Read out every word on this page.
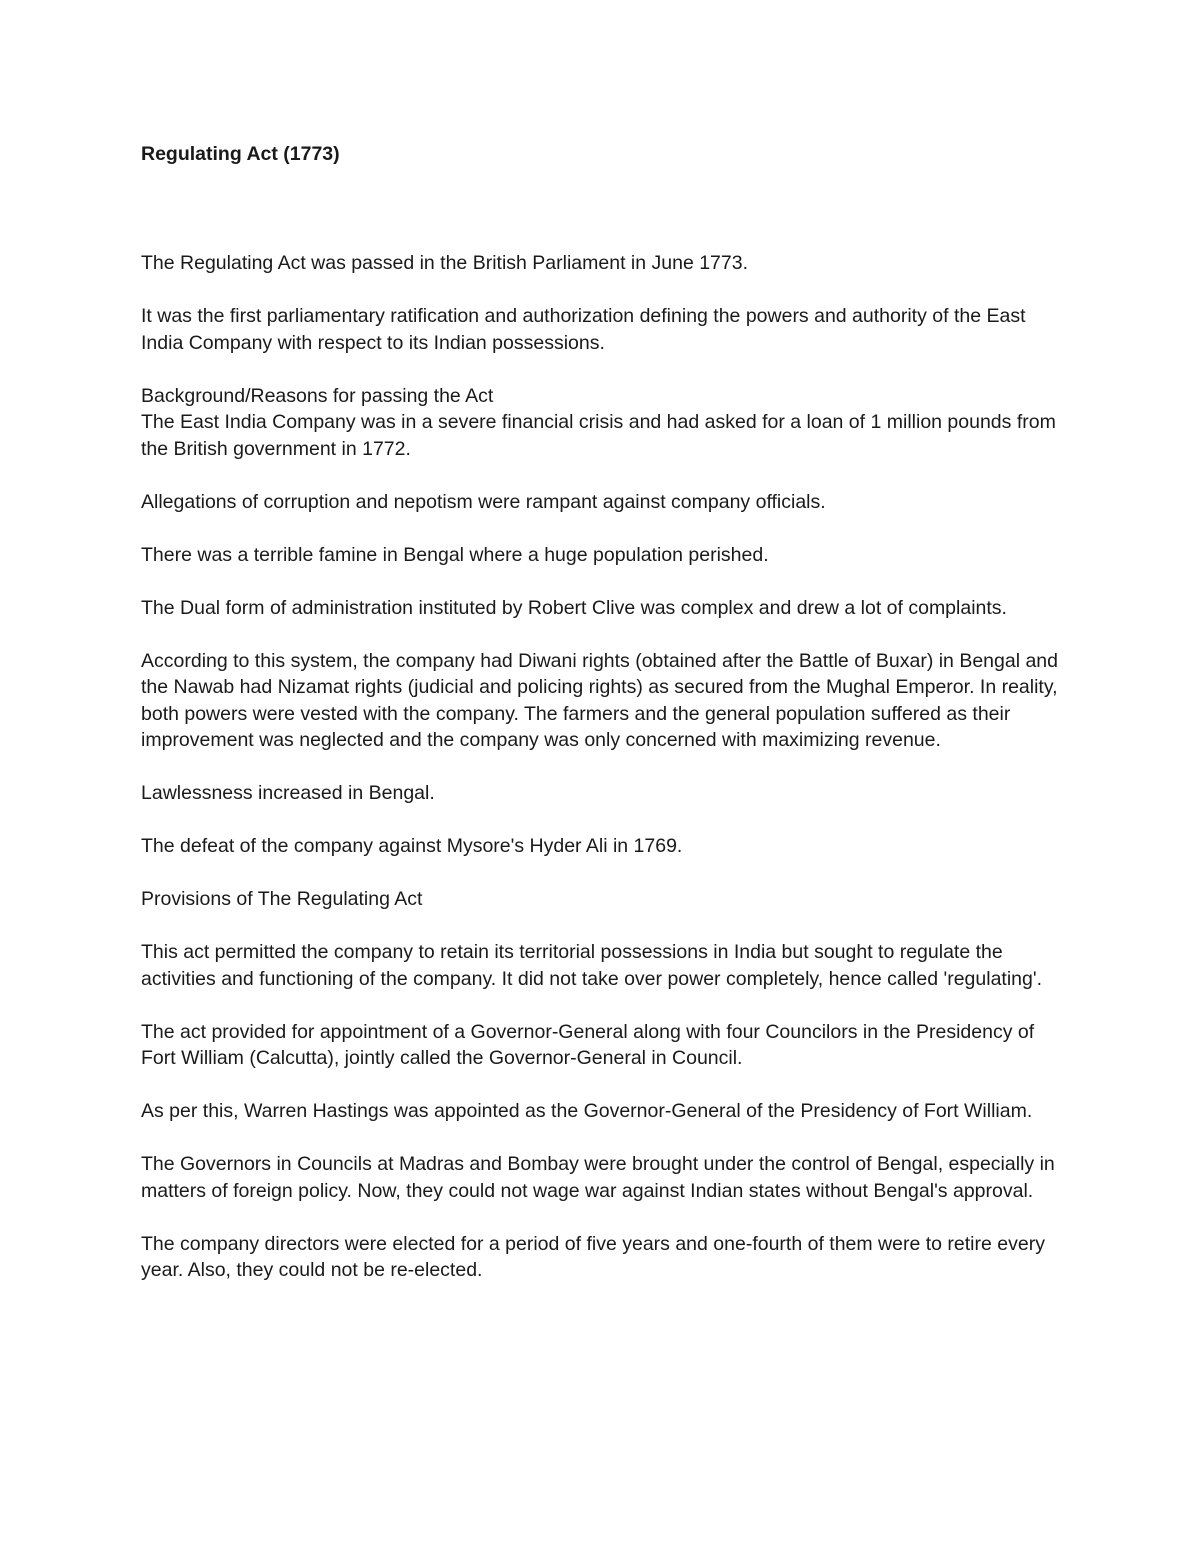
Regulating Act (1773)

The Regulating Act was passed in the British Parliament in June 1773.

It was the first parliamentary ratification and authorization defining the powers and authority of the East India Company with respect to its Indian possessions.

Background/Reasons for passing the Act
The East India Company was in a severe financial crisis and had asked for a loan of 1 million pounds from the British government in 1772.

Allegations of corruption and nepotism were rampant against company officials.

There was a terrible famine in Bengal where a huge population perished.

The Dual form of administration instituted by Robert Clive was complex and drew a lot of complaints.

According to this system, the company had Diwani rights (obtained after the Battle of Buxar) in Bengal and the Nawab had Nizamat rights (judicial and policing rights) as secured from the Mughal Emperor. In reality, both powers were vested with the company. The farmers and the general population suffered as their improvement was neglected and the company was only concerned with maximizing revenue.

Lawlessness increased in Bengal.

The defeat of the company against Mysore's Hyder Ali in 1769.

Provisions of The Regulating Act

This act permitted the company to retain its territorial possessions in India but sought to regulate the activities and functioning of the company. It did not take over power completely, hence called 'regulating'.

The act provided for appointment of a Governor-General along with four Councilors in the Presidency of Fort William (Calcutta), jointly called the Governor-General in Council.

As per this, Warren Hastings was appointed as the Governor-General of the Presidency of Fort William.

The Governors in Councils at Madras and Bombay were brought under the control of Bengal, especially in matters of foreign policy. Now, they could not wage war against Indian states without Bengal's approval.

The company directors were elected for a period of five years and one-fourth of them were to retire every year. Also, they could not be re-elected.
